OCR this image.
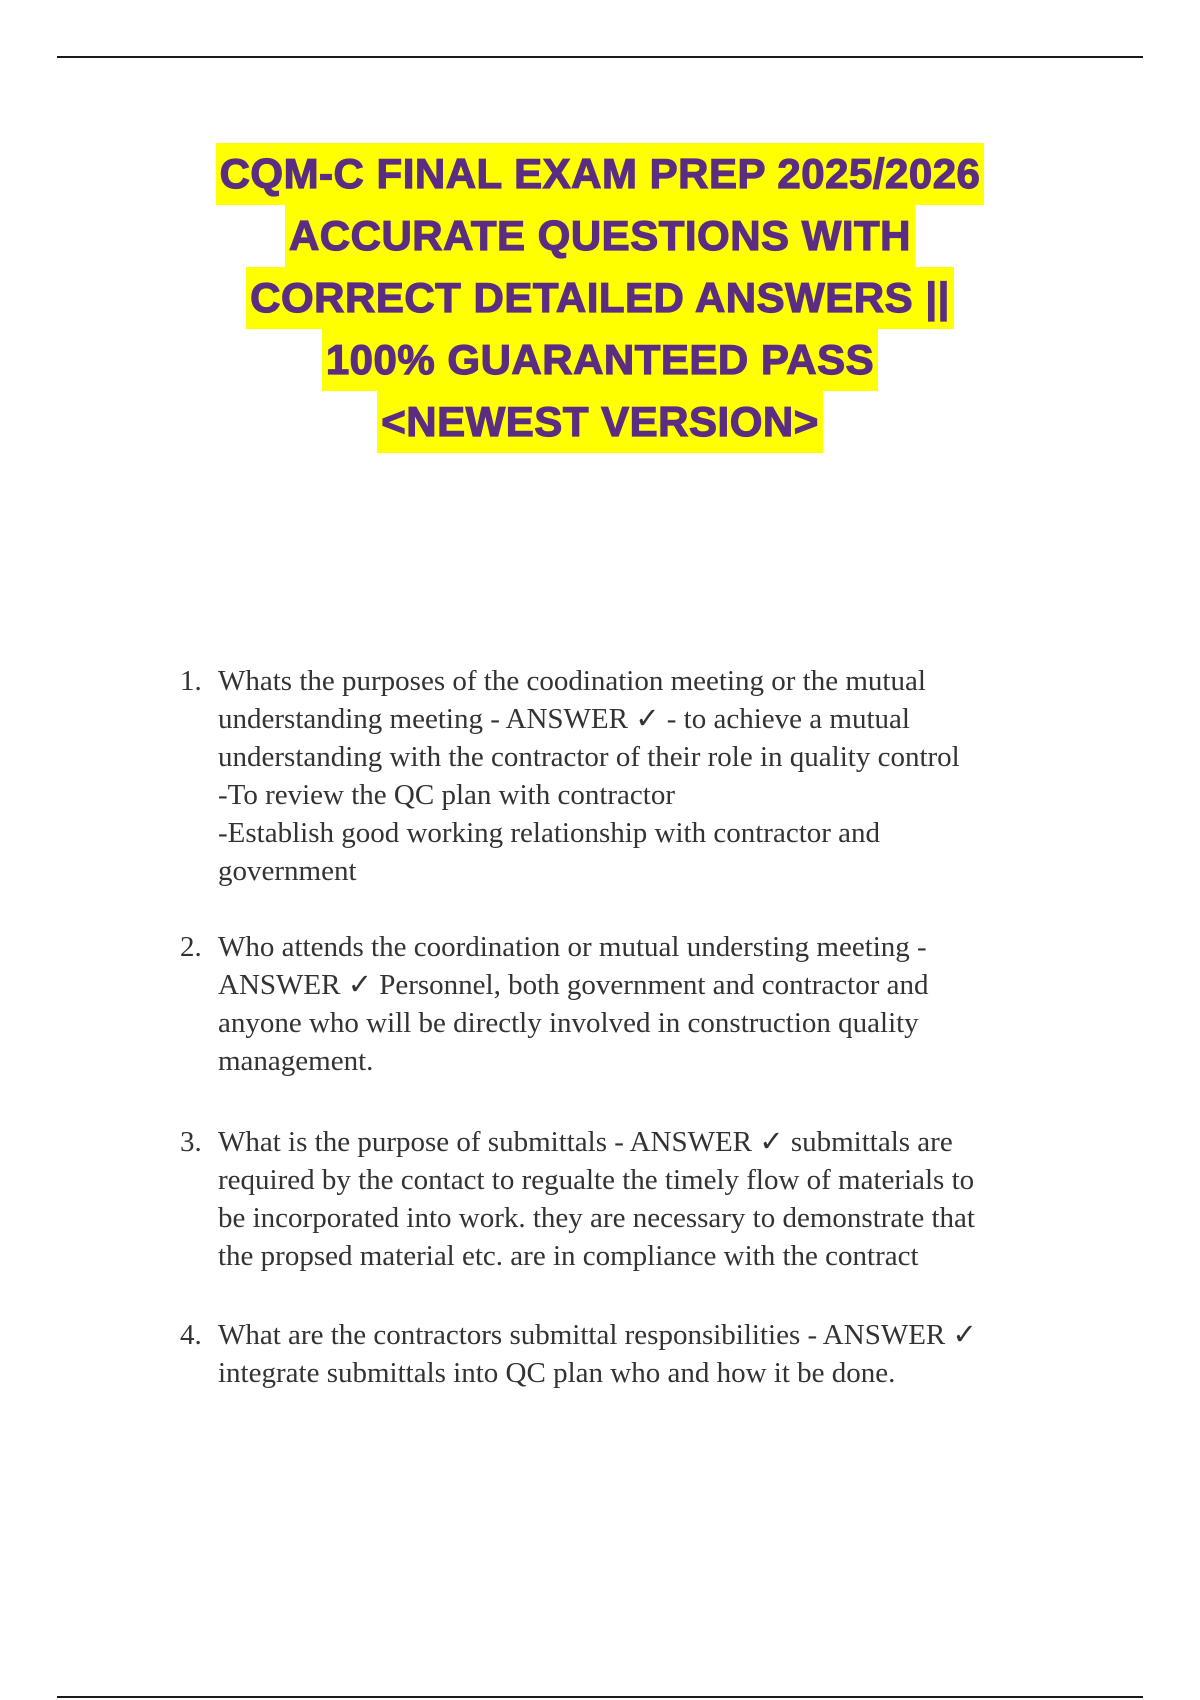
CQM-C FINAL EXAM PREP 2025/2026
ACCURATE QUESTIONS WITH
CORRECT DETAILED ANSWERS ||
100% GUARANTEED PASS
<NEWEST VERSION>
1. Whats the purposes of the coodination meeting or the mutual
understanding meeting - ANSWER ✓ - to achieve a mutual
understanding with the contractor of their role in quality control
-To review the QC plan with contractor
-Establish good working relationship with contractor and
government
2. Who attends the coordination or mutual understing meeting -
ANSWER ✓ Personnel, both government and contractor and
anyone who will be directly involved in construction quality
management.
3. What is the purpose of submittals - ANSWER ✓ submittals are
required by the contact to regualte the timely flow of materials to
be incorporated into work. they are necessary to demonstrate that
the propsed material etc. are in compliance with the contract
4. What are the contractors submittal responsibilities - ANSWER ✓
integrate submittals into QC plan who and how it be done.
